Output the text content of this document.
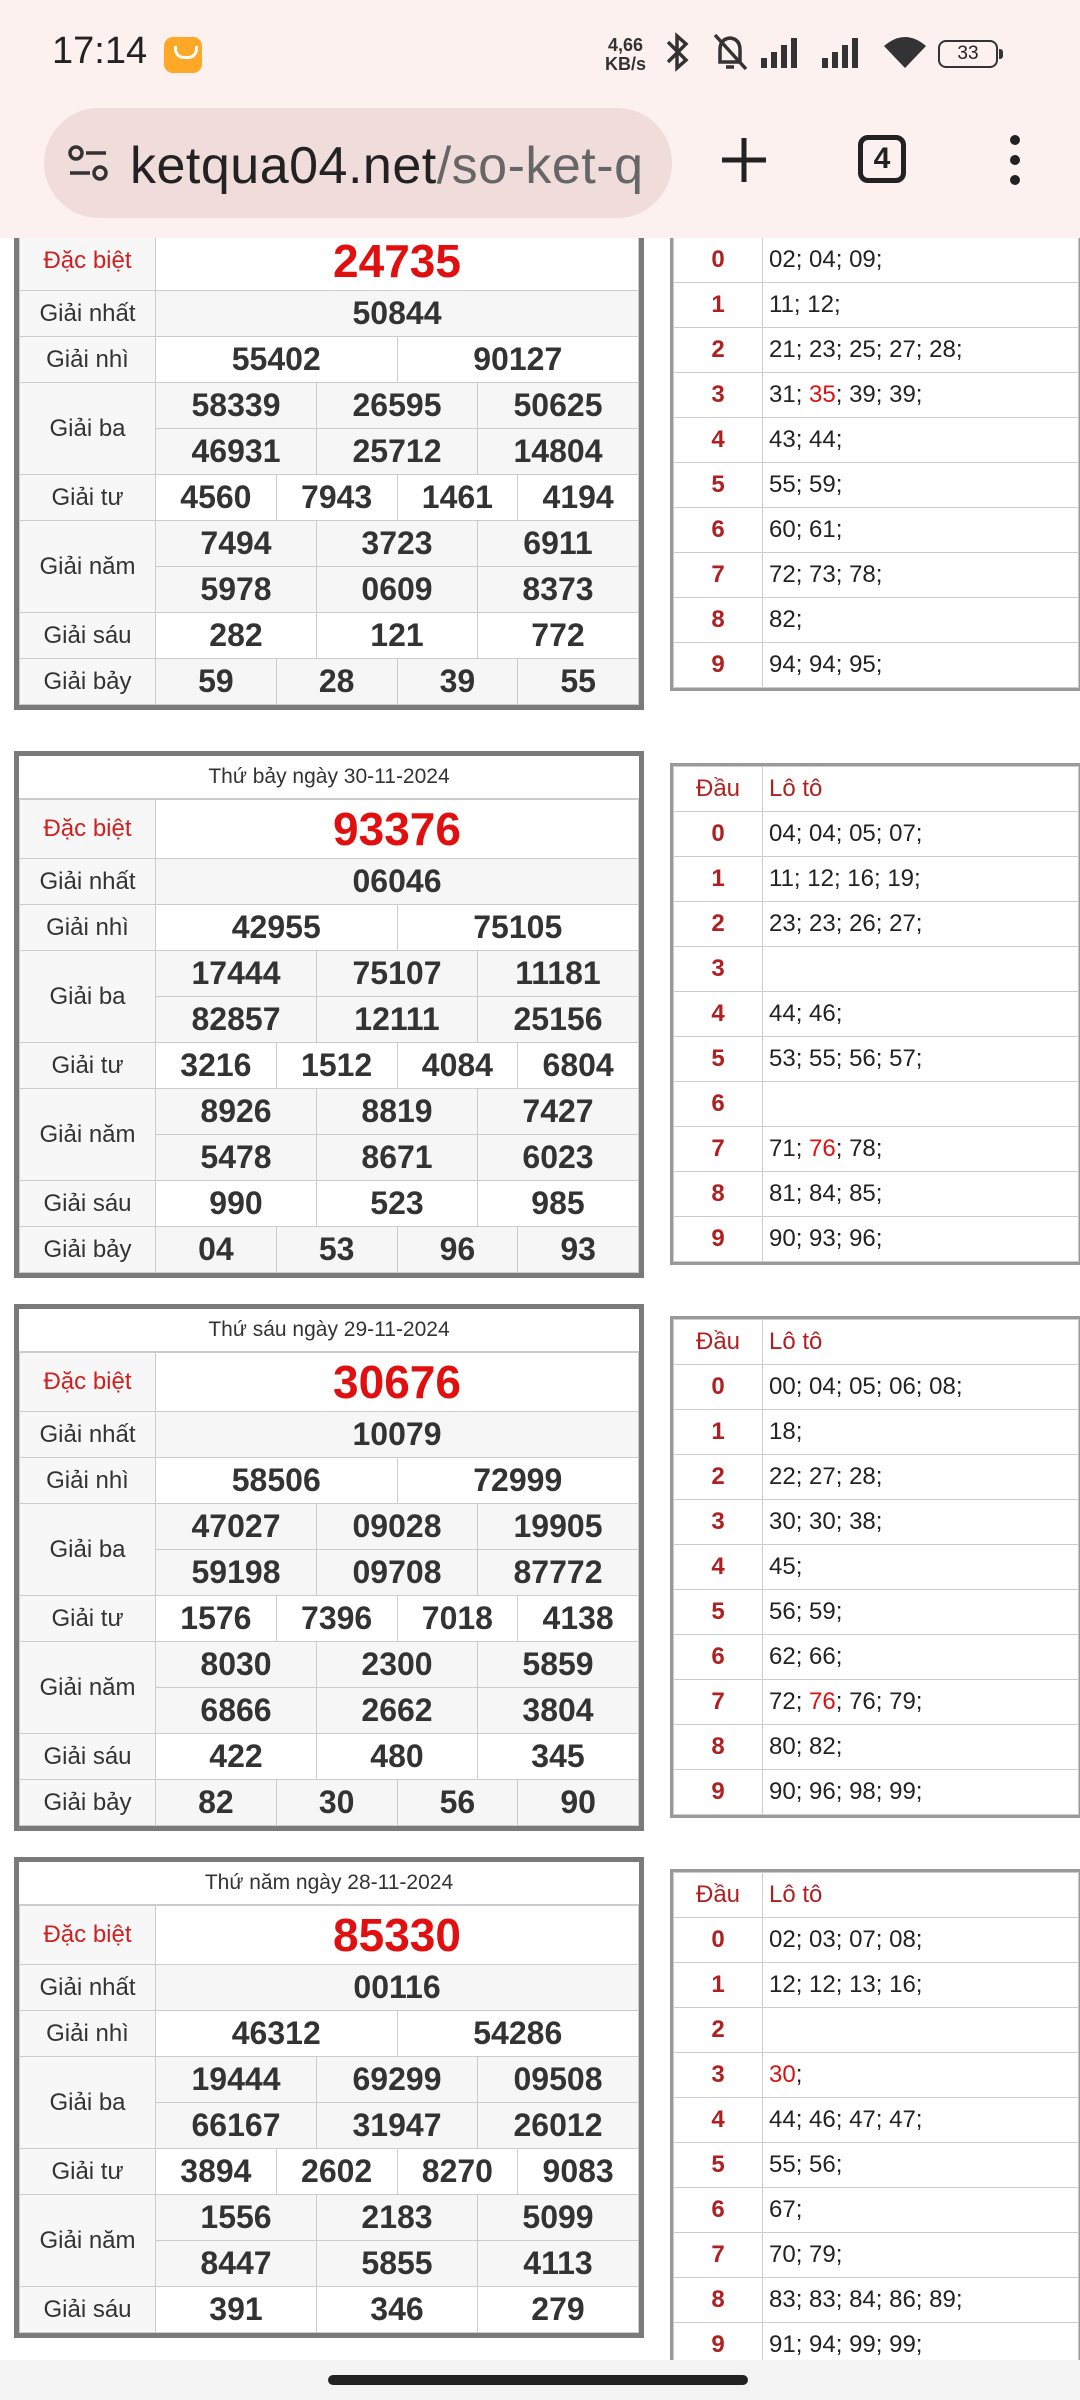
17:14	4,66
KB/s	33
ketqua04.net/so-ket-q	4
Đặc biệt	24735					
Giải nhất	50844					
Giải nhì	55402			90127		
Giải ba	58339		26595		50625	
	46931		25712		14804	
Giải tư	4560	7943		1461		4194
Giải năm	7494		3723		6911	
	5978		0609		8373	
Giải sáu	282		121		772	
Giải bảy	59	28		39		55
0	02; 04; 09;
1	11; 12;
2	21; 23; 25; 27; 28;
3	31; 35; 39; 39;
4	43; 44;
5	55; 59;
6	60; 61;
7	72; 73; 78;
8	82;
9	94; 94; 95;
Thứ bảy ngày 30-11-2024
Đặc biệt	93376					
Giải nhất	06046					
Giải nhì	42955			75105		
Giải ba	17444		75107		11181	
	82857		12111		25156	
Giải tư	3216	1512		4084		6804
Giải năm	8926		8819		7427	
	5478		8671		6023	
Giải sáu	990		523		985	
Giải bảy	04	53		96		93
Đầu	Lô tô
0	04; 04; 05; 07;
1	11; 12; 16; 19;
2	23; 23; 26; 27;
3	
4	44; 46;
5	53; 55; 56; 57;
6	
7	71; 76; 78;
8	81; 84; 85;
9	90; 93; 96;
Thứ sáu ngày 29-11-2024
Đặc biệt	30676					
Giải nhất	10079					
Giải nhì	58506			72999		
Giải ba	47027		09028		19905	
	59198		09708		87772	
Giải tư	1576	7396		7018		4138
Giải năm	8030		2300		5859	
	6866		2662		3804	
Giải sáu	422		480		345	
Giải bảy	82	30		56		90
Đầu	Lô tô
0	00; 04; 05; 06; 08;
1	18;
2	22; 27; 28;
3	30; 30; 38;
4	45;
5	56; 59;
6	62; 66;
7	72; 76; 76; 79;
8	80; 82;
9	90; 96; 98; 99;
Thứ năm ngày 28-11-2024
Đặc biệt	85330					
Giải nhất	00116					
Giải nhì	46312			54286		
Giải ba	19444		69299		09508	
	66167		31947		26012	
Giải tư	3894	2602		8270		9083
Giải năm	1556		2183		5099	
	8447		5855		4113	
Giải sáu	391		346		279	
Đầu	Lô tô
0	02; 03; 07; 08;
1	12; 12; 13; 16;
2	
3	30;
4	44; 46; 47; 47;
5	55; 56;
6	67;
7	70; 79;
8	83; 83; 84; 86; 89;
9	91; 94; 99; 99;
